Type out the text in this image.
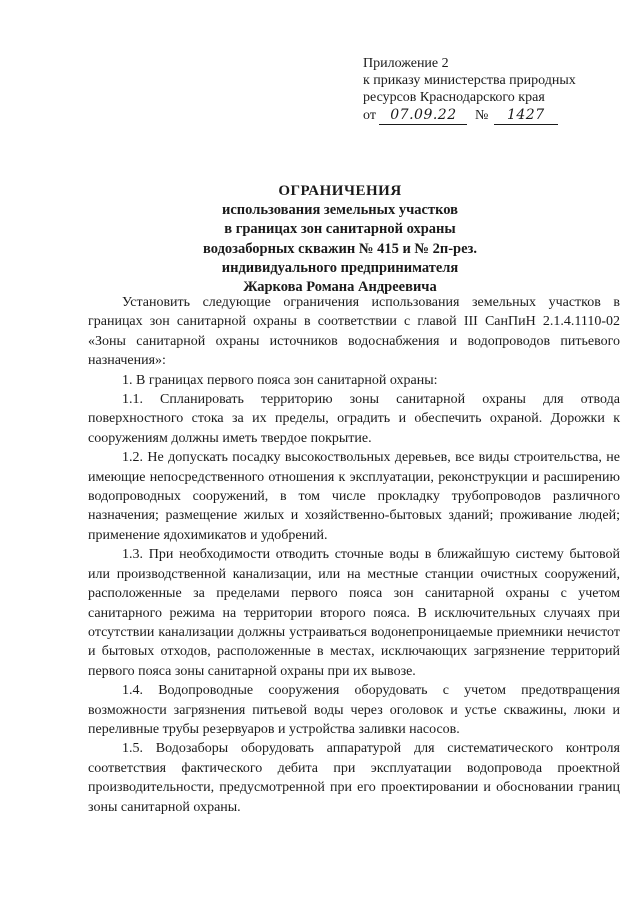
Приложение 2
к приказу министерства природных
ресурсов Краснодарского края
от 07.09.22 № 1427
ОГРАНИЧЕНИЯ
использования земельных участков
в границах зон санитарной охраны
водозаборных скважин № 415 и № 2п-рез.
индивидуального предпринимателя
Жаркова Романа Андреевича

Установить следующие ограничения использования земельных участков в границах зон санитарной охраны в соответствии с главой III СанПиН 2.1.4.1110-02 «Зоны санитарной охраны источников водоснабжения и водопроводов питьевого назначения»:

1. В границах первого пояса зон санитарной охраны:

1.1. Спланировать территорию зоны санитарной охраны для отвода поверхностного стока за их пределы, оградить и обеспечить охраной. Дорожки к сооружениям должны иметь твердое покрытие.

1.2. Не допускать посадку высокоствольных деревьев, все виды строительства, не имеющие непосредственного отношения к эксплуатации, реконструкции и расширению водопроводных сооружений, в том числе прокладку трубопроводов различного назначения; размещение жилых и хозяйственно-бытовых зданий; проживание людей; применение ядохимикатов и удобрений.

1.3. При необходимости отводить сточные воды в ближайшую систему бытовой или производственной канализации, или на местные станции очистных сооружений, расположенные за пределами первого пояса зон санитарной охраны с учетом санитарного режима на территории второго пояса. В исключительных случаях при отсутствии канализации должны устраиваться водонепроницаемые приемники нечистот и бытовых отходов, расположенные в местах, исключающих загрязнение территорий первого пояса зоны санитарной охраны при их вывозе.

1.4. Водопроводные сооружения оборудовать с учетом предотвращения возможности загрязнения питьевой воды через оголовок и устье скважины, люки и переливные трубы резервуаров и устройства заливки насосов.

1.5. Водозаборы оборудовать аппаратурой для систематического контроля соответствия фактического дебита при эксплуатации водопровода проектной производительности, предусмотренной при его проектировании и обосновании границ зоны санитарной охраны.
